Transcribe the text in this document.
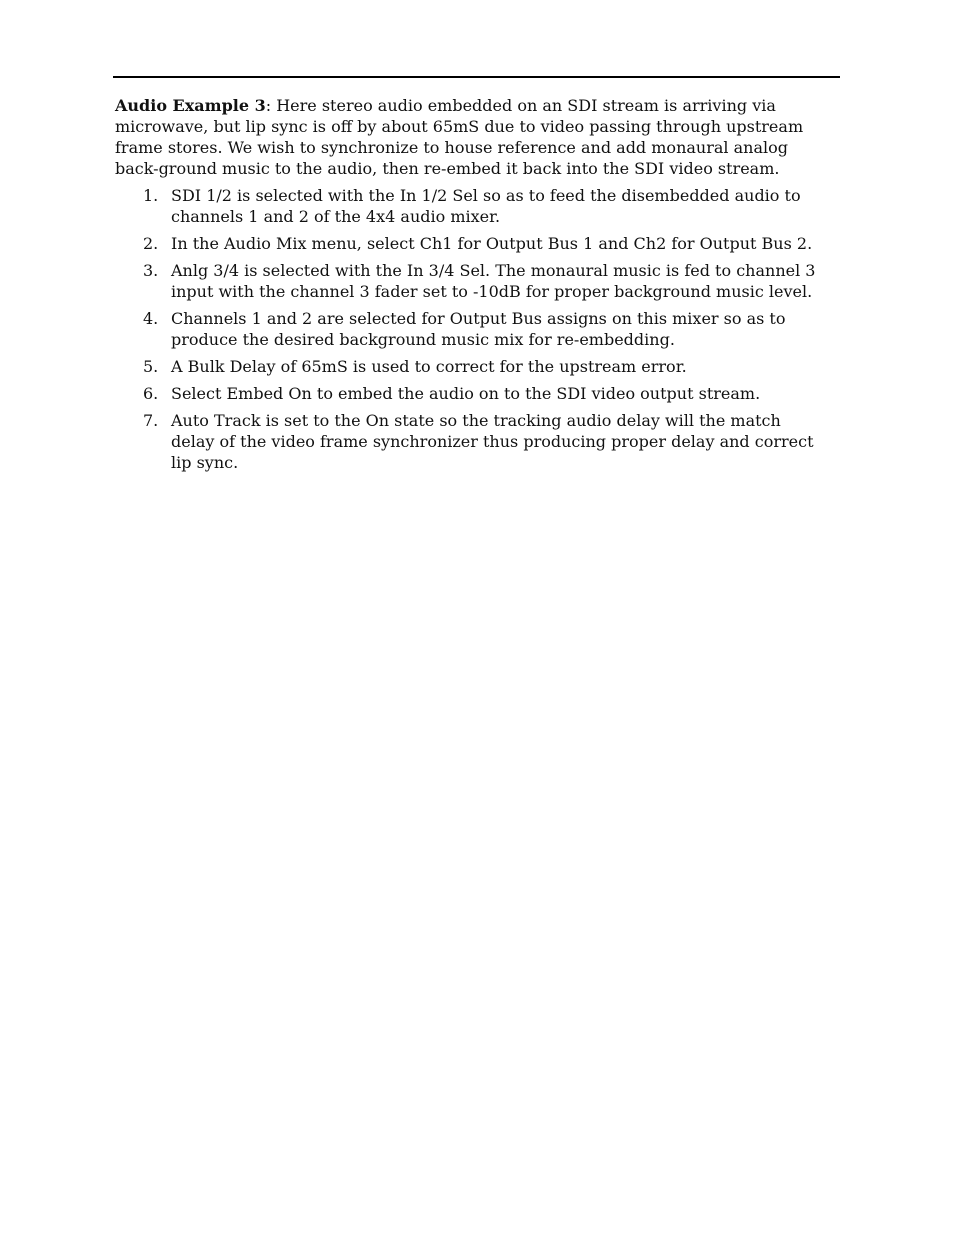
Audio Example 3: Here stereo audio embedded on an SDI stream is arriving via microwave, but lip sync is off by about 65mS due to video passing through upstream frame stores. We wish to synchronize to house reference and add monaural analog back-ground music to the audio, then re-embed it back into the SDI video stream.

1. SDI 1/2 is selected with the In 1/2 Sel so as to feed the disembedded audio to channels 1 and 2 of the 4x4 audio mixer.
2. In the Audio Mix menu, select Ch1 for Output Bus 1 and Ch2 for Output Bus 2.
3. Anlg 3/4 is selected with the In 3/4 Sel. The monaural music is fed to channel 3 input with the channel 3 fader set to -10dB for proper background music level.
4. Channels 1 and 2 are selected for Output Bus assigns on this mixer so as to produce the desired background music mix for re-embedding.
5. A Bulk Delay of 65mS is used to correct for the upstream error.
6. Select Embed On to embed the audio on to the SDI video output stream.
7. Auto Track is set to the On state so the tracking audio delay will the match delay of the video frame synchronizer thus producing proper delay and correct lip sync.
